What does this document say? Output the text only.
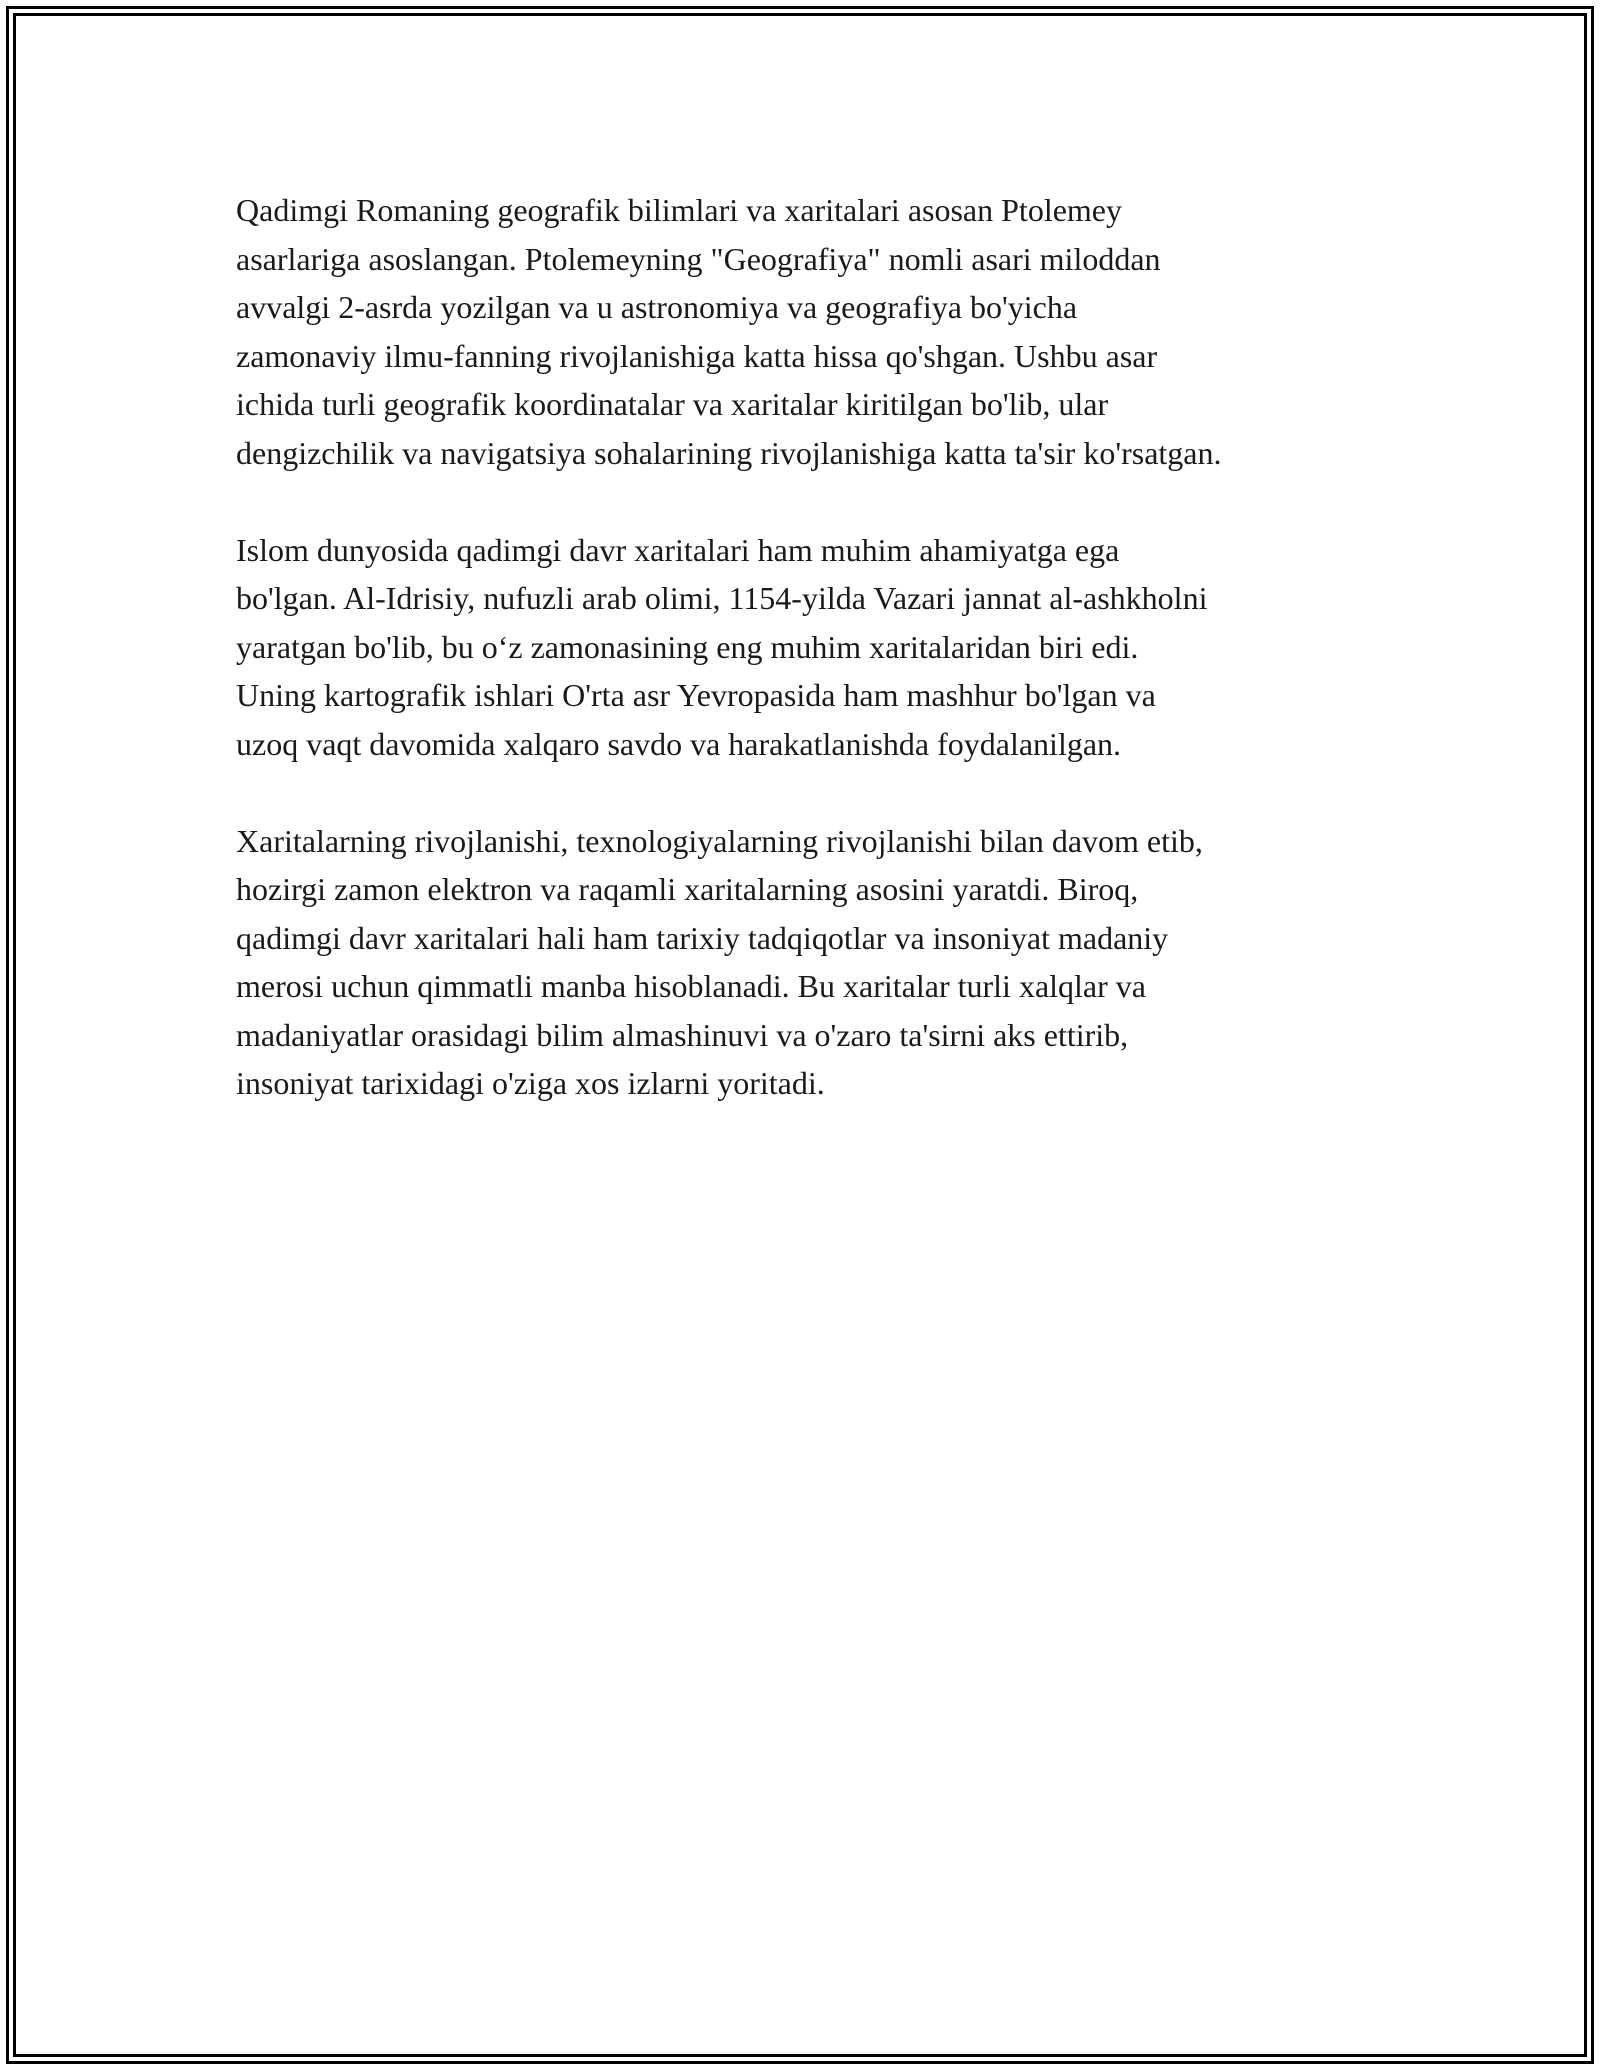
Qadimgi Romaning geografik bilimlari va xaritalari asosan Ptolemey
asarlariga asoslangan. Ptolemeyning "Geografiya" nomli asari miloddan
avvalgi 2-asrda yozilgan va u astronomiya va geografiya bo'yicha
zamonaviy ilmu-fanning rivojlanishiga katta hissa qo'shgan. Ushbu asar
ichida turli geografik koordinatalar va xaritalar kiritilgan bo'lib, ular
dengizchilik va navigatsiya sohalarining rivojlanishiga katta ta'sir ko'rsatgan.

Islom dunyosida qadimgi davr xaritalari ham muhim ahamiyatga ega
bo'lgan. Al-Idrisiy, nufuzli arab olimi, 1154-yilda Vazari jannat al-ashkholni
yaratgan bo'lib, bu o‘z zamonasining eng muhim xaritalaridan biri edi.
Uning kartografik ishlari O'rta asr Yevropasida ham mashhur bo'lgan va
uzoq vaqt davomida xalqaro savdo va harakatlanishda foydalanilgan.

Xaritalarning rivojlanishi, texnologiyalarning rivojlanishi bilan davom etib,
hozirgi zamon elektron va raqamli xaritalarning asosini yaratdi. Biroq,
qadimgi davr xaritalari hali ham tarixiy tadqiqotlar va insoniyat madaniy
merosi uchun qimmatli manba hisoblanadi. Bu xaritalar turli xalqlar va
madaniyatlar orasidagi bilim almashinuvi va o'zaro ta'sirni aks ettirib,
insoniyat tarixidagi o'ziga xos izlarni yoritadi.
